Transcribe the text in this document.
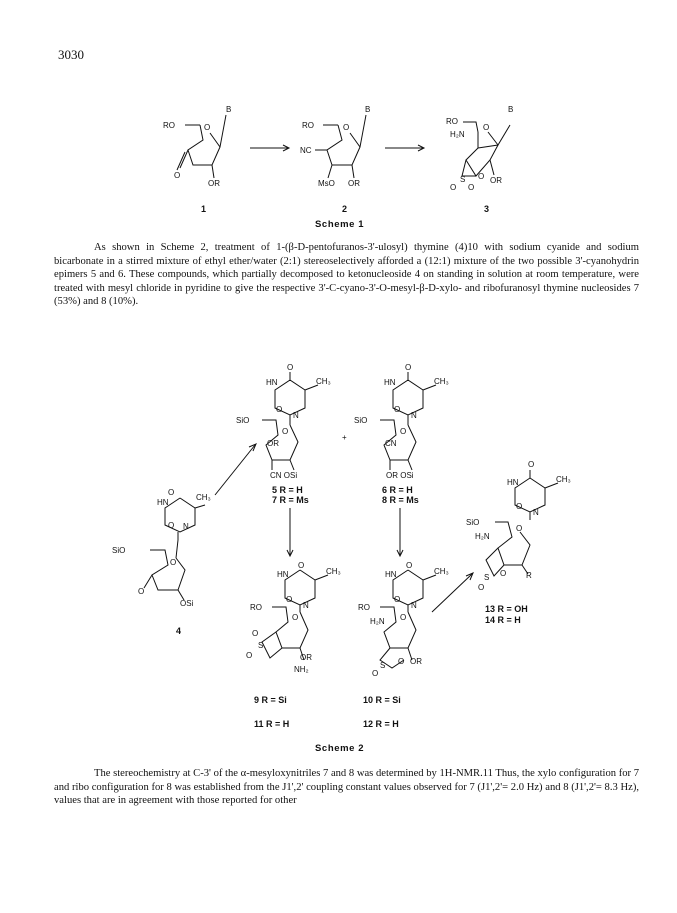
3030
RO	O
B
O
OR
RO	O
B
NC
MsO OR
RO
H₂N
O
B
S
O O
O OR
1	2	3
Scheme 1

As shown in Scheme 2, treatment of 1-(β-D-pentofuranos-3'-ulosyl) thymine (4)10 with sodium cyanide and sodium bicarbonate in a stirred mixture of ethyl ether/water (2:1) stereoselectively afforded a (12:1) mixture of the two possible 3'-cyanohydrin epimers 5 and 6. These compounds, which partially decomposed to ketonucleoside 4 on standing in solution at room temperature, were treated with mesyl chloride in pyridine to give the respective 3'-C-cyano-3'-O-mesyl-β-D-xylo- and ribofuranosyl thymine nucleosides 7 (53%) and 8 (10%).

O
HN
CH₃
O N
SiO
O
O
OSi
O
HN	CH₃
O
N
SiO
O
OR
CN OSi
O
HN	CH₃
O
N
SiO
O
CN
OR OSi
+
O
HN	CH₃
O
N
RO
O
O
S
O	OR
NH₂
O
HN	CH₃
O
N
RO
H₂N O
S
O
O OR
O
HN	CH₃
O
N
SiO
H₂N
O
S
O
O R
4
5 R = H
7 R = Ms
6 R = H
8 R = Ms
9 R = Si
11 R = H
10 R = Si
12 R = H
13 R = OH
14 R = H
Scheme 2

The stereochemistry at C-3' of the α-mesyloxynitriles 7 and 8 was determined by 1H-NMR.11 Thus, the xylo configuration for 7 and ribo configuration for 8 was established from the J1',2' coupling constant values observed for 7 (J1',2'= 2.0 Hz) and 8 (J1',2'= 8.3 Hz), values that are in agreement with those reported for other
